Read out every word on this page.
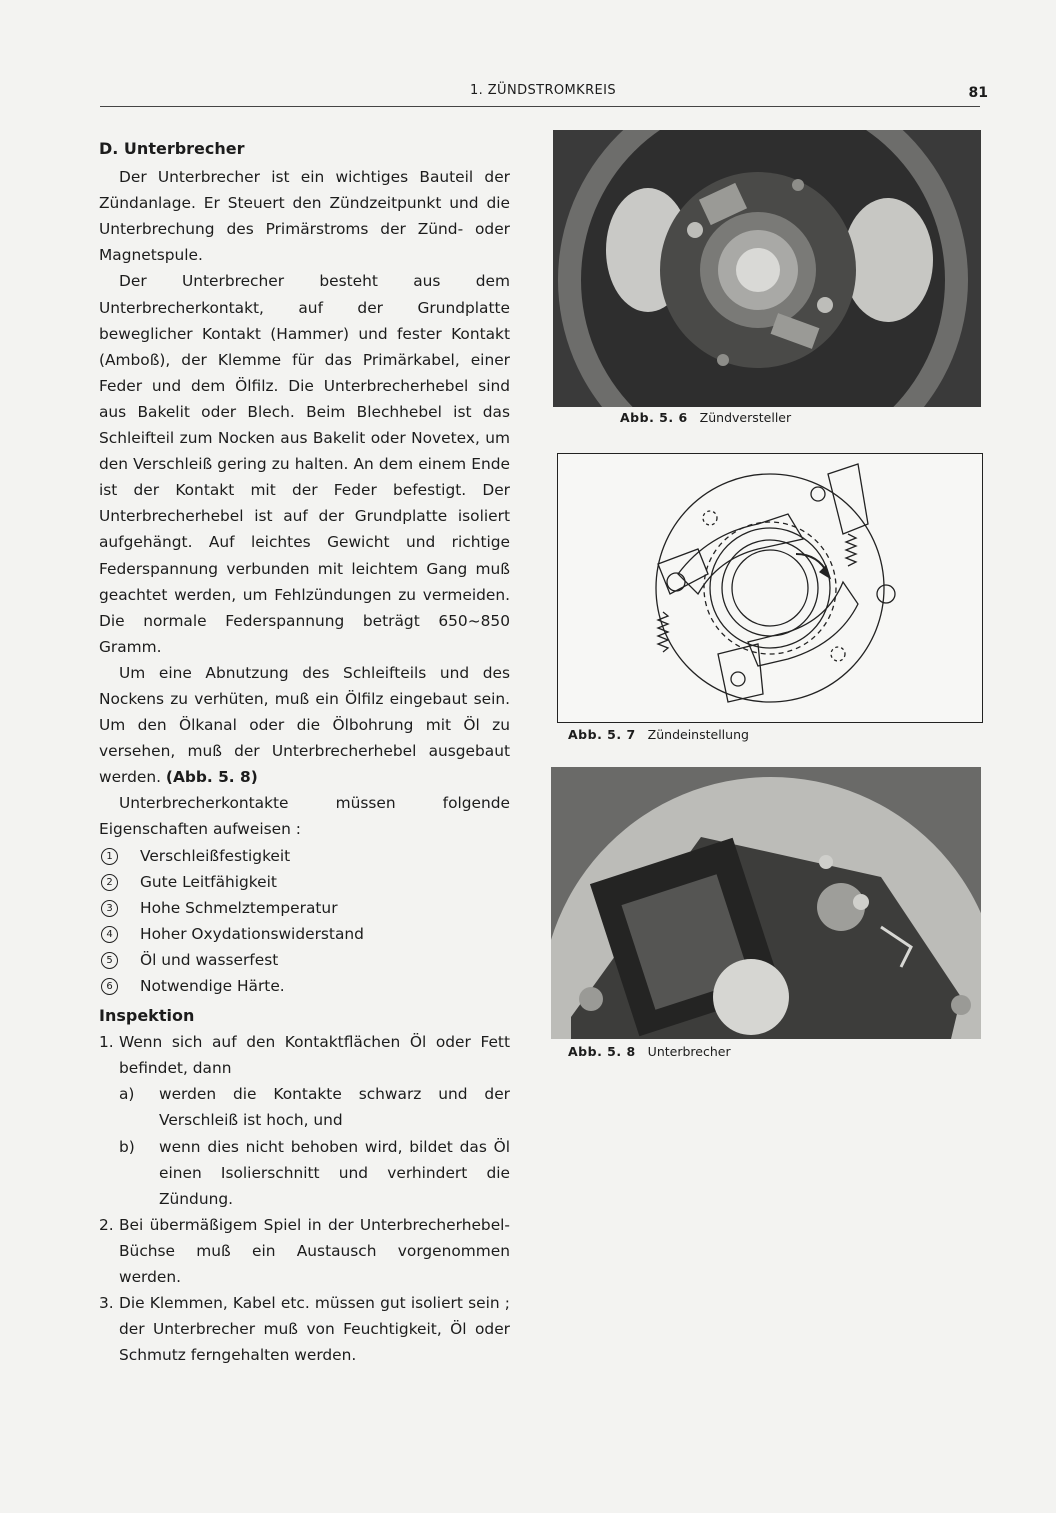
1. ZÜNDSTROMKREIS	81
D. Unterbrecher

Der Unterbrecher ist ein wichtiges Bauteil der Zündanlage. Er Steuert den Zündzeitpunkt und die Unterbrechung des Primärstroms der Zünd- oder Magnetspule.

Der Unterbrecher besteht aus dem Unterbrecherkontakt, auf der Grundplatte beweglicher Kontakt (Hammer) und fester Kontakt (Amboß), der Klemme für das Primärkabel, einer Feder und dem Ölfilz. Die Unterbrecherhebel sind aus Bakelit oder Blech. Beim Blechhebel ist das Schleifteil zum Nocken aus Bakelit oder Novetex, um den Verschleiß gering zu halten. An dem einem Ende ist der Kontakt mit der Feder befestigt. Der Unterbrecherhebel ist auf der Grundplatte isoliert aufgehängt. Auf leichtes Gewicht und richtige Federspannung verbunden mit leichtem Gang muß geachtet werden, um Fehlzündungen zu vermeiden. Die normale Federspannung beträgt 650~850 Gramm.

Um eine Abnutzung des Schleifteils und des Nockens zu verhüten, muß ein Ölfilz eingebaut sein. Um den Ölkanal oder die Ölbohrung mit Öl zu versehen, muß der Unterbrecherhebel ausgebaut werden. (Abb. 5. 8)

Unterbrecherkontakte müssen folgende Eigenschaften aufweisen :

1	Verschleißfestigkeit
2	Gute Leitfähigkeit
3	Hohe Schmelztemperatur
4	Hoher Oxydationswiderstand
5	Öl und wasserfest
6	Notwendige Härte.
Inspektion
1. Wenn sich auf den Kontaktflächen Öl oder Fett befindet, dann
a)	werden die Kontakte schwarz und der Verschleiß ist hoch, und
b)	wenn dies nicht behoben wird, bildet das Öl einen Isolierschnitt und verhindert die Zündung.
2. Bei übermäßigem Spiel in der Unterbrecherhebel-Büchse muß ein Austausch vorgenommen werden.
3. Die Klemmen, Kabel etc. müssen gut isoliert sein ; der Unterbrecher muß von Feuchtigkeit, Öl oder Schmutz ferngehalten werden.
Abb. 5. 6 Zündversteller
Abb. 5. 7 Zündeinstellung
Abb. 5. 8 Unterbrecher
